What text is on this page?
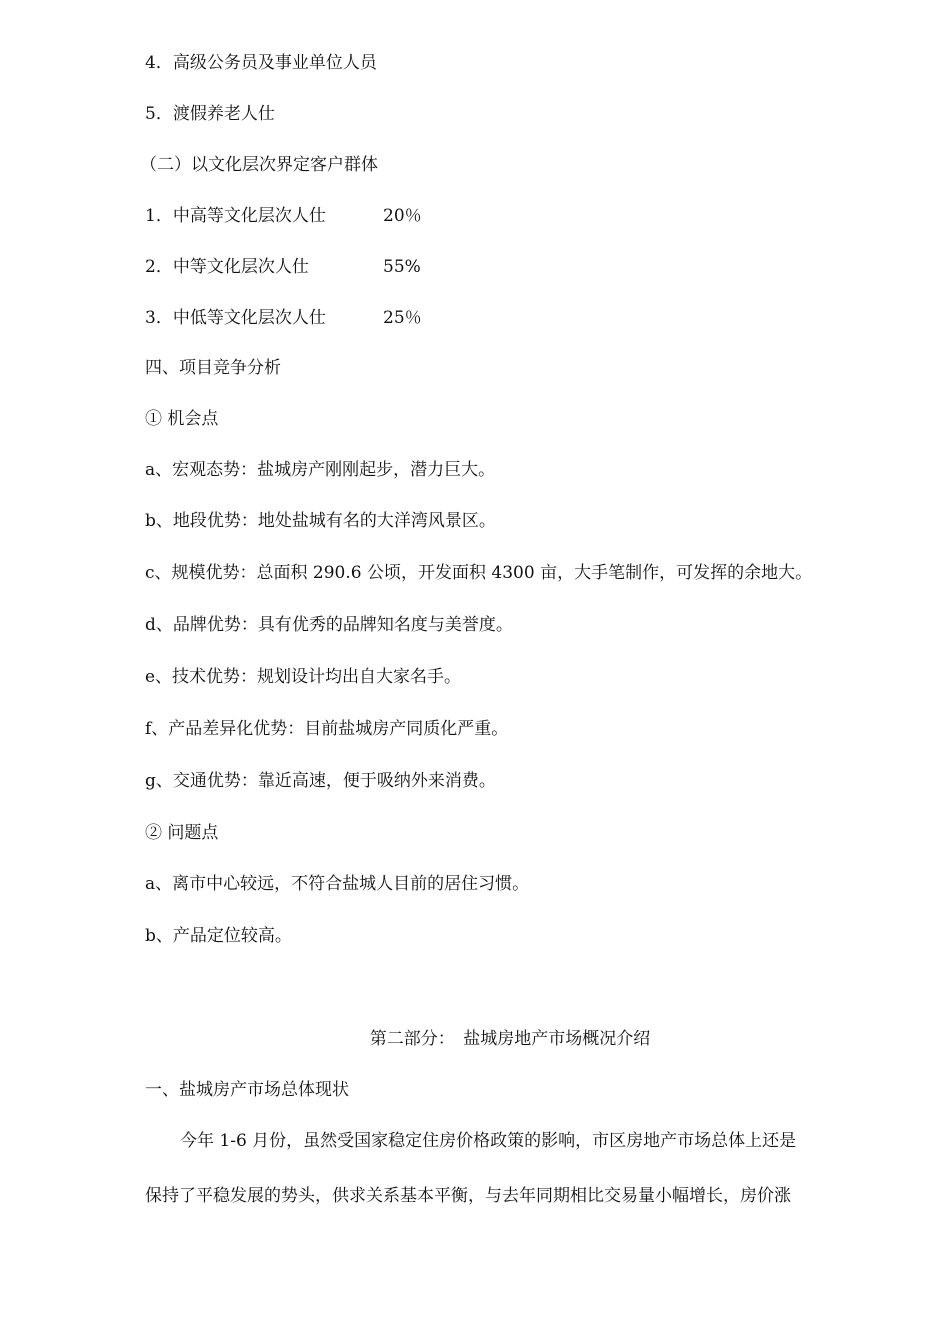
4．高级公务员及事业单位人员
5．渡假养老人仕
（二）以文化层次界定客户群体
1．中高等文化层次人仕	20％
2．中等文化层次人仕	55%
3．中低等文化层次人仕	25％
四、项目竞争分析
① 机会点
a、宏观态势：盐城房产刚刚起步，潜力巨大。
b、地段优势：地处盐城有名的大洋湾风景区。
c、规模优势：总面积 290.6 公顷，开发面积 4300 亩，大手笔制作，可发挥的余地大。
d、品牌优势：具有优秀的品牌知名度与美誉度。
e、技术优势：规划设计均出自大家名手。
f、产品差异化优势：目前盐城房产同质化严重。
g、交通优势：靠近高速，便于吸纳外来消费。
② 问题点
a、离市中心较远，不符合盐城人目前的居住习惯。
b、产品定位较高。
第二部分：　盐城房地产市场概况介绍
一、盐城房产市场总体现状
今年 1-6 月份，虽然受国家稳定住房价格政策的影响，市区房地产市场总体上还是
保持了平稳发展的势头，供求关系基本平衡，与去年同期相比交易量小幅增长，房价涨
